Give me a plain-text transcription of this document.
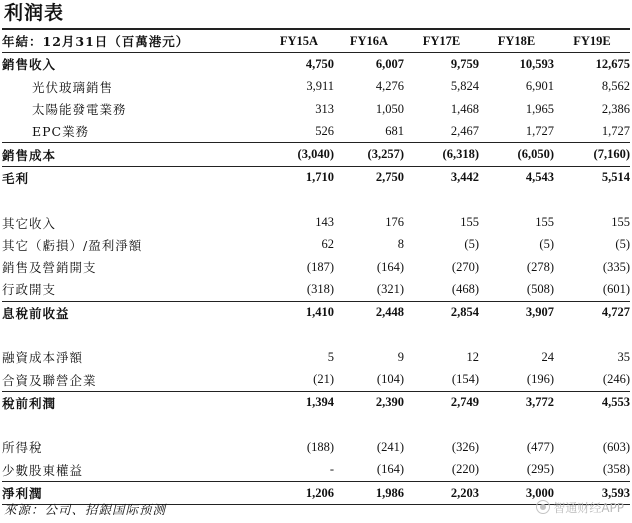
利润表
年結：12月31日（百萬港元）	FY15A	FY16A	FY17E	FY18E	FY19E
銷售收入	4,750	6,007	9,759	10,593	12,675
光伏玻璃銷售	3,911	4,276	5,824	6,901	8,562
太陽能發電業務	313	1,050	1,468	1,965	2,386
EPC業務	526	681	2,467	1,727	1,727
銷售成本	(3,040)	(3,257)	(6,318)	(6,050)	(7,160)
毛利	1,710	2,750	3,442	4,543	5,514

其它收入	143	176	155	155	155
其它（虧損）/盈利淨額	62	8	(5)	(5)	(5)
銷售及營銷開支	(187)	(164)	(270)	(278)	(335)
行政開支	(318)	(321)	(468)	(508)	(601)
息稅前收益	1,410	2,448	2,854	3,907	4,727

融資成本淨額	5	9	12	24	35
合資及聯營企業	(21)	(104)	(154)	(196)	(246)
稅前利潤	1,394	2,390	2,749	3,772	4,553

所得稅	(188)	(241)	(326)	(477)	(603)
少數股東權益	-	(164)	(220)	(295)	(358)
淨利潤	1,206	1,986	2,203	3,000	3,593
來源：公司、招銀国际预测	智通财经APP
